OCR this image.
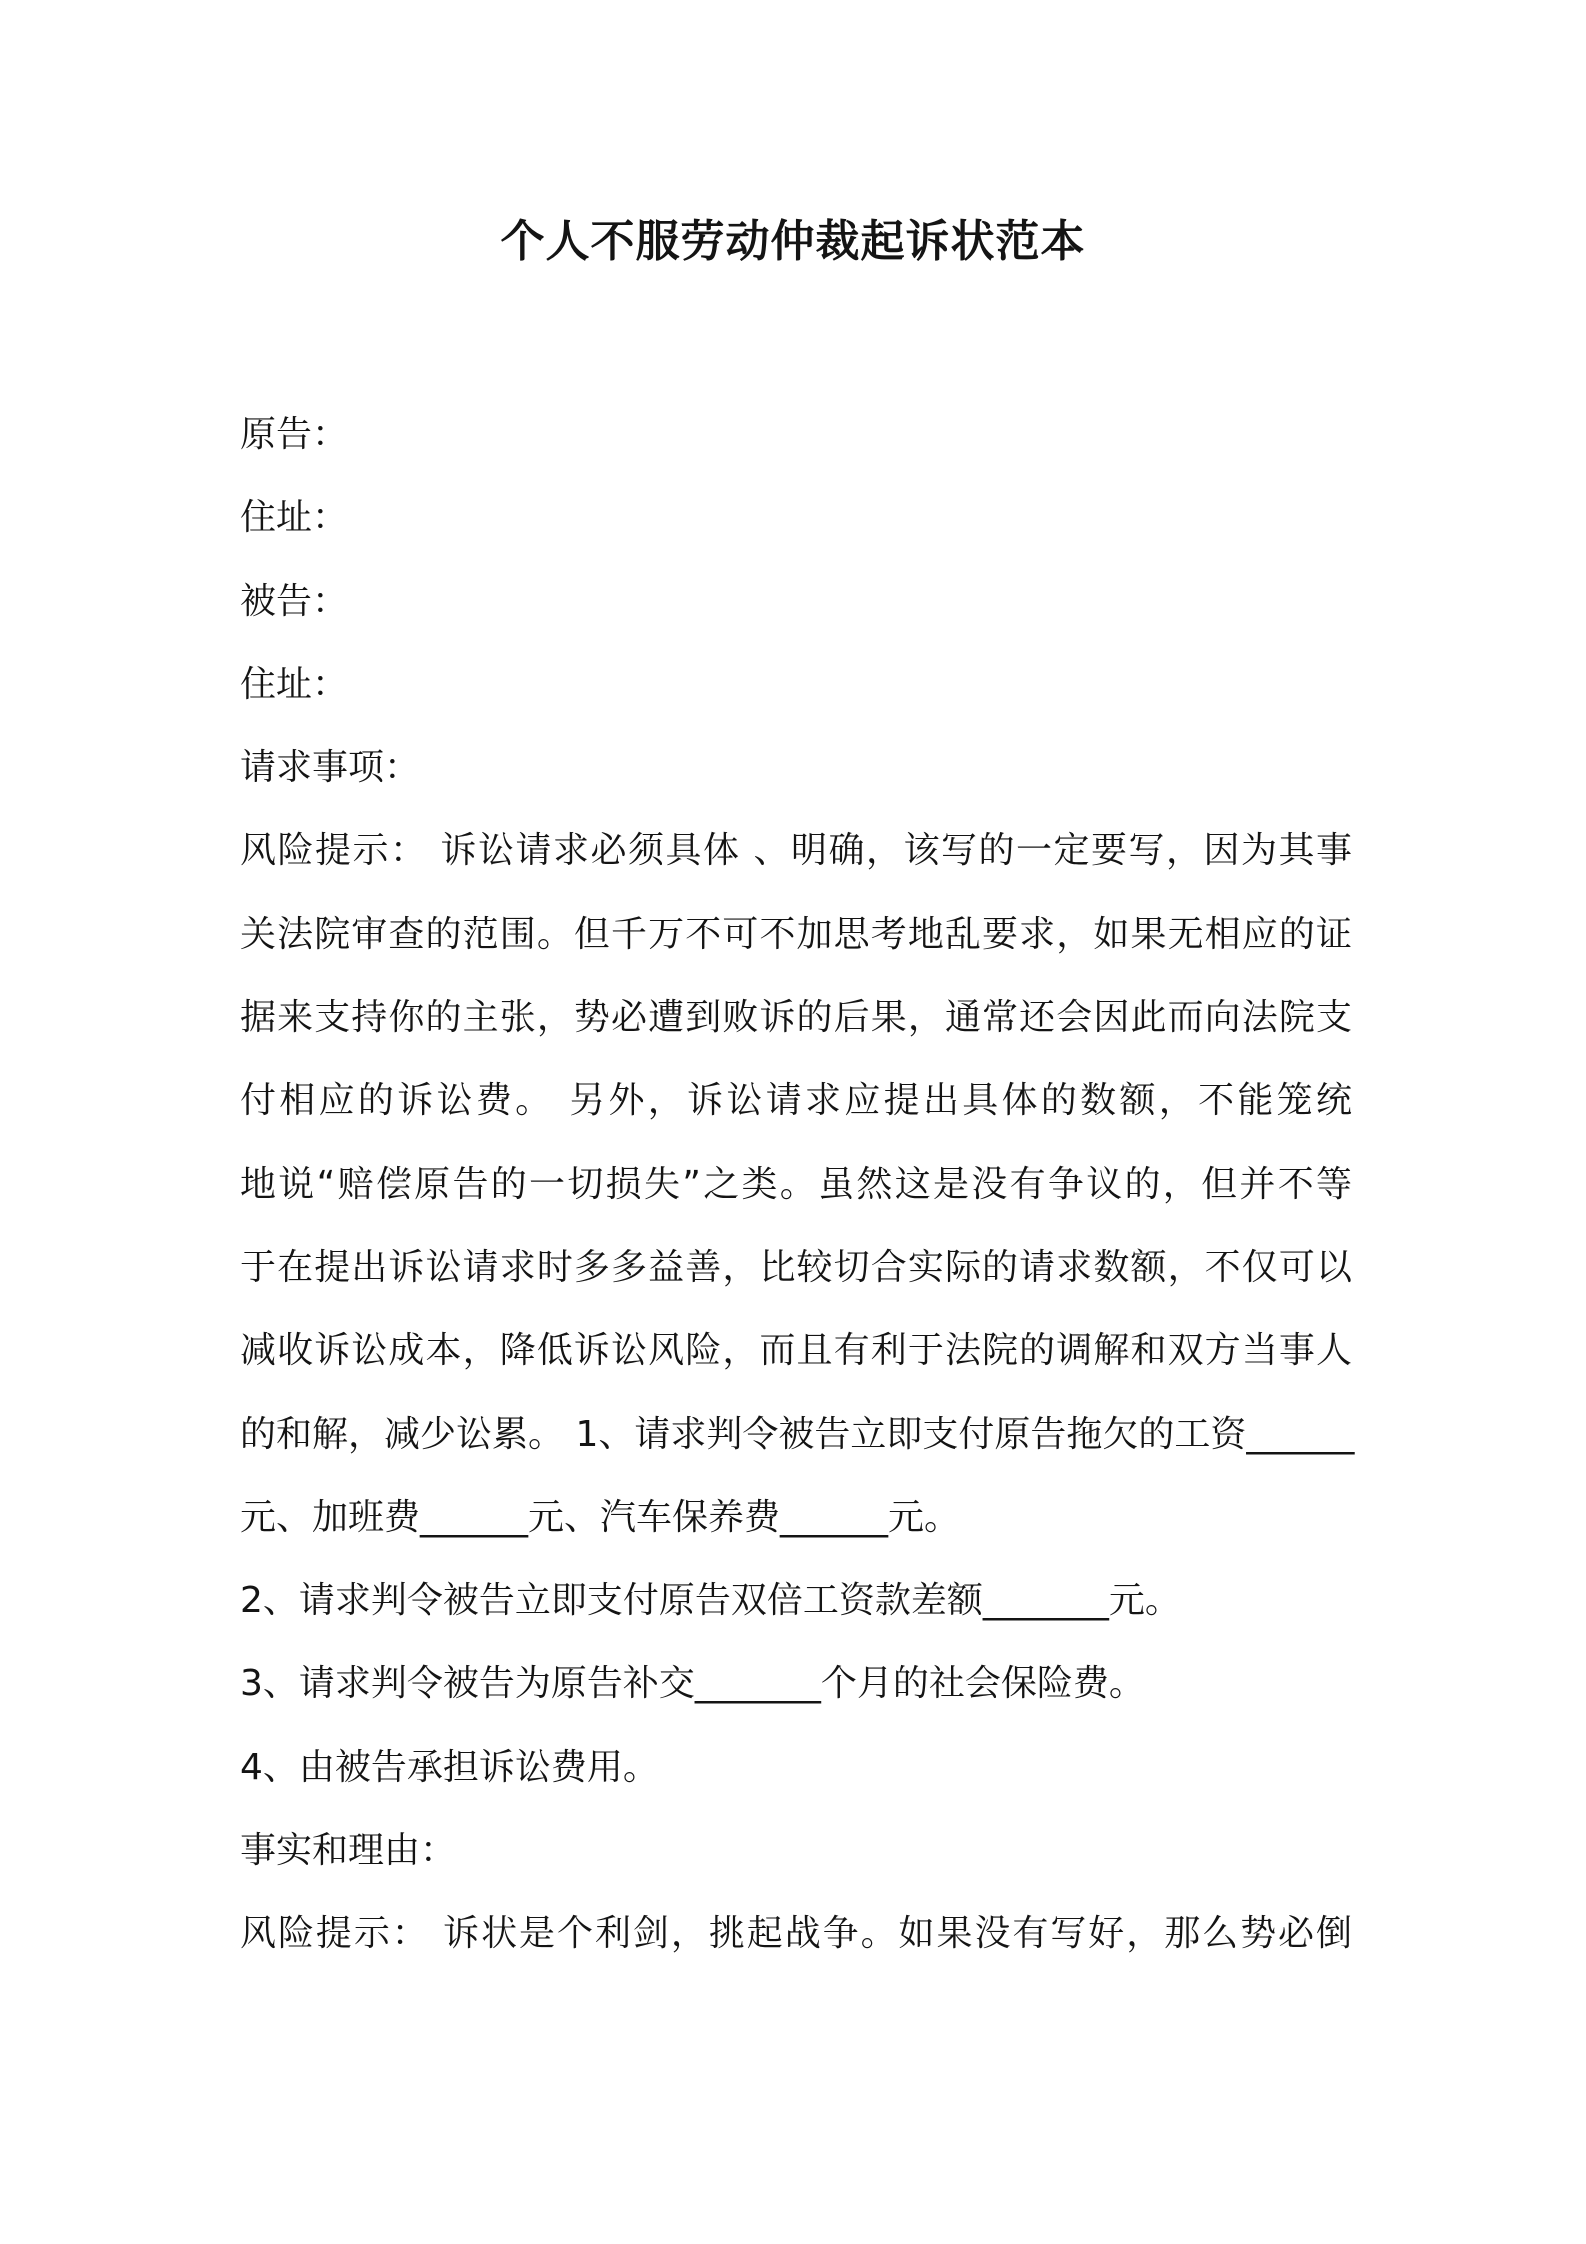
个人不服劳动仲裁起诉状范本

原告：

住址：

被告：

住址：

请求事项：

风险提示： 诉讼请求必须具体 、明确，该写的一定要写，因为其事

关法院审查的范围。但千万不可不加思考地乱要求，如果无相应的证

据来支持你的主张，势必遭到败诉的后果，通常还会因此而向法院支

付相应的诉讼费。 另外，诉讼请求应提出具体的数额，不能笼统

地说“赔偿原告的一切损失”之类。虽然这是没有争议的，但并不等

于在提出诉讼请求时多多益善，比较切合实际的请求数额，不仅可以

减收诉讼成本，降低诉讼风险，而且有利于法院的调解和双方当事人

的和解，减少讼累。 1、请求判令被告立即支付原告拖欠的工资______

元、加班费______元、汽车保养费______元。

2、请求判令被告立即支付原告双倍工资款差额_______元。

3、请求判令被告为原告补交_______个月的社会保险费。

4、由被告承担诉讼费用。

事实和理由：

风险提示： 诉状是个利剑，挑起战争。如果没有写好，那么势必倒
